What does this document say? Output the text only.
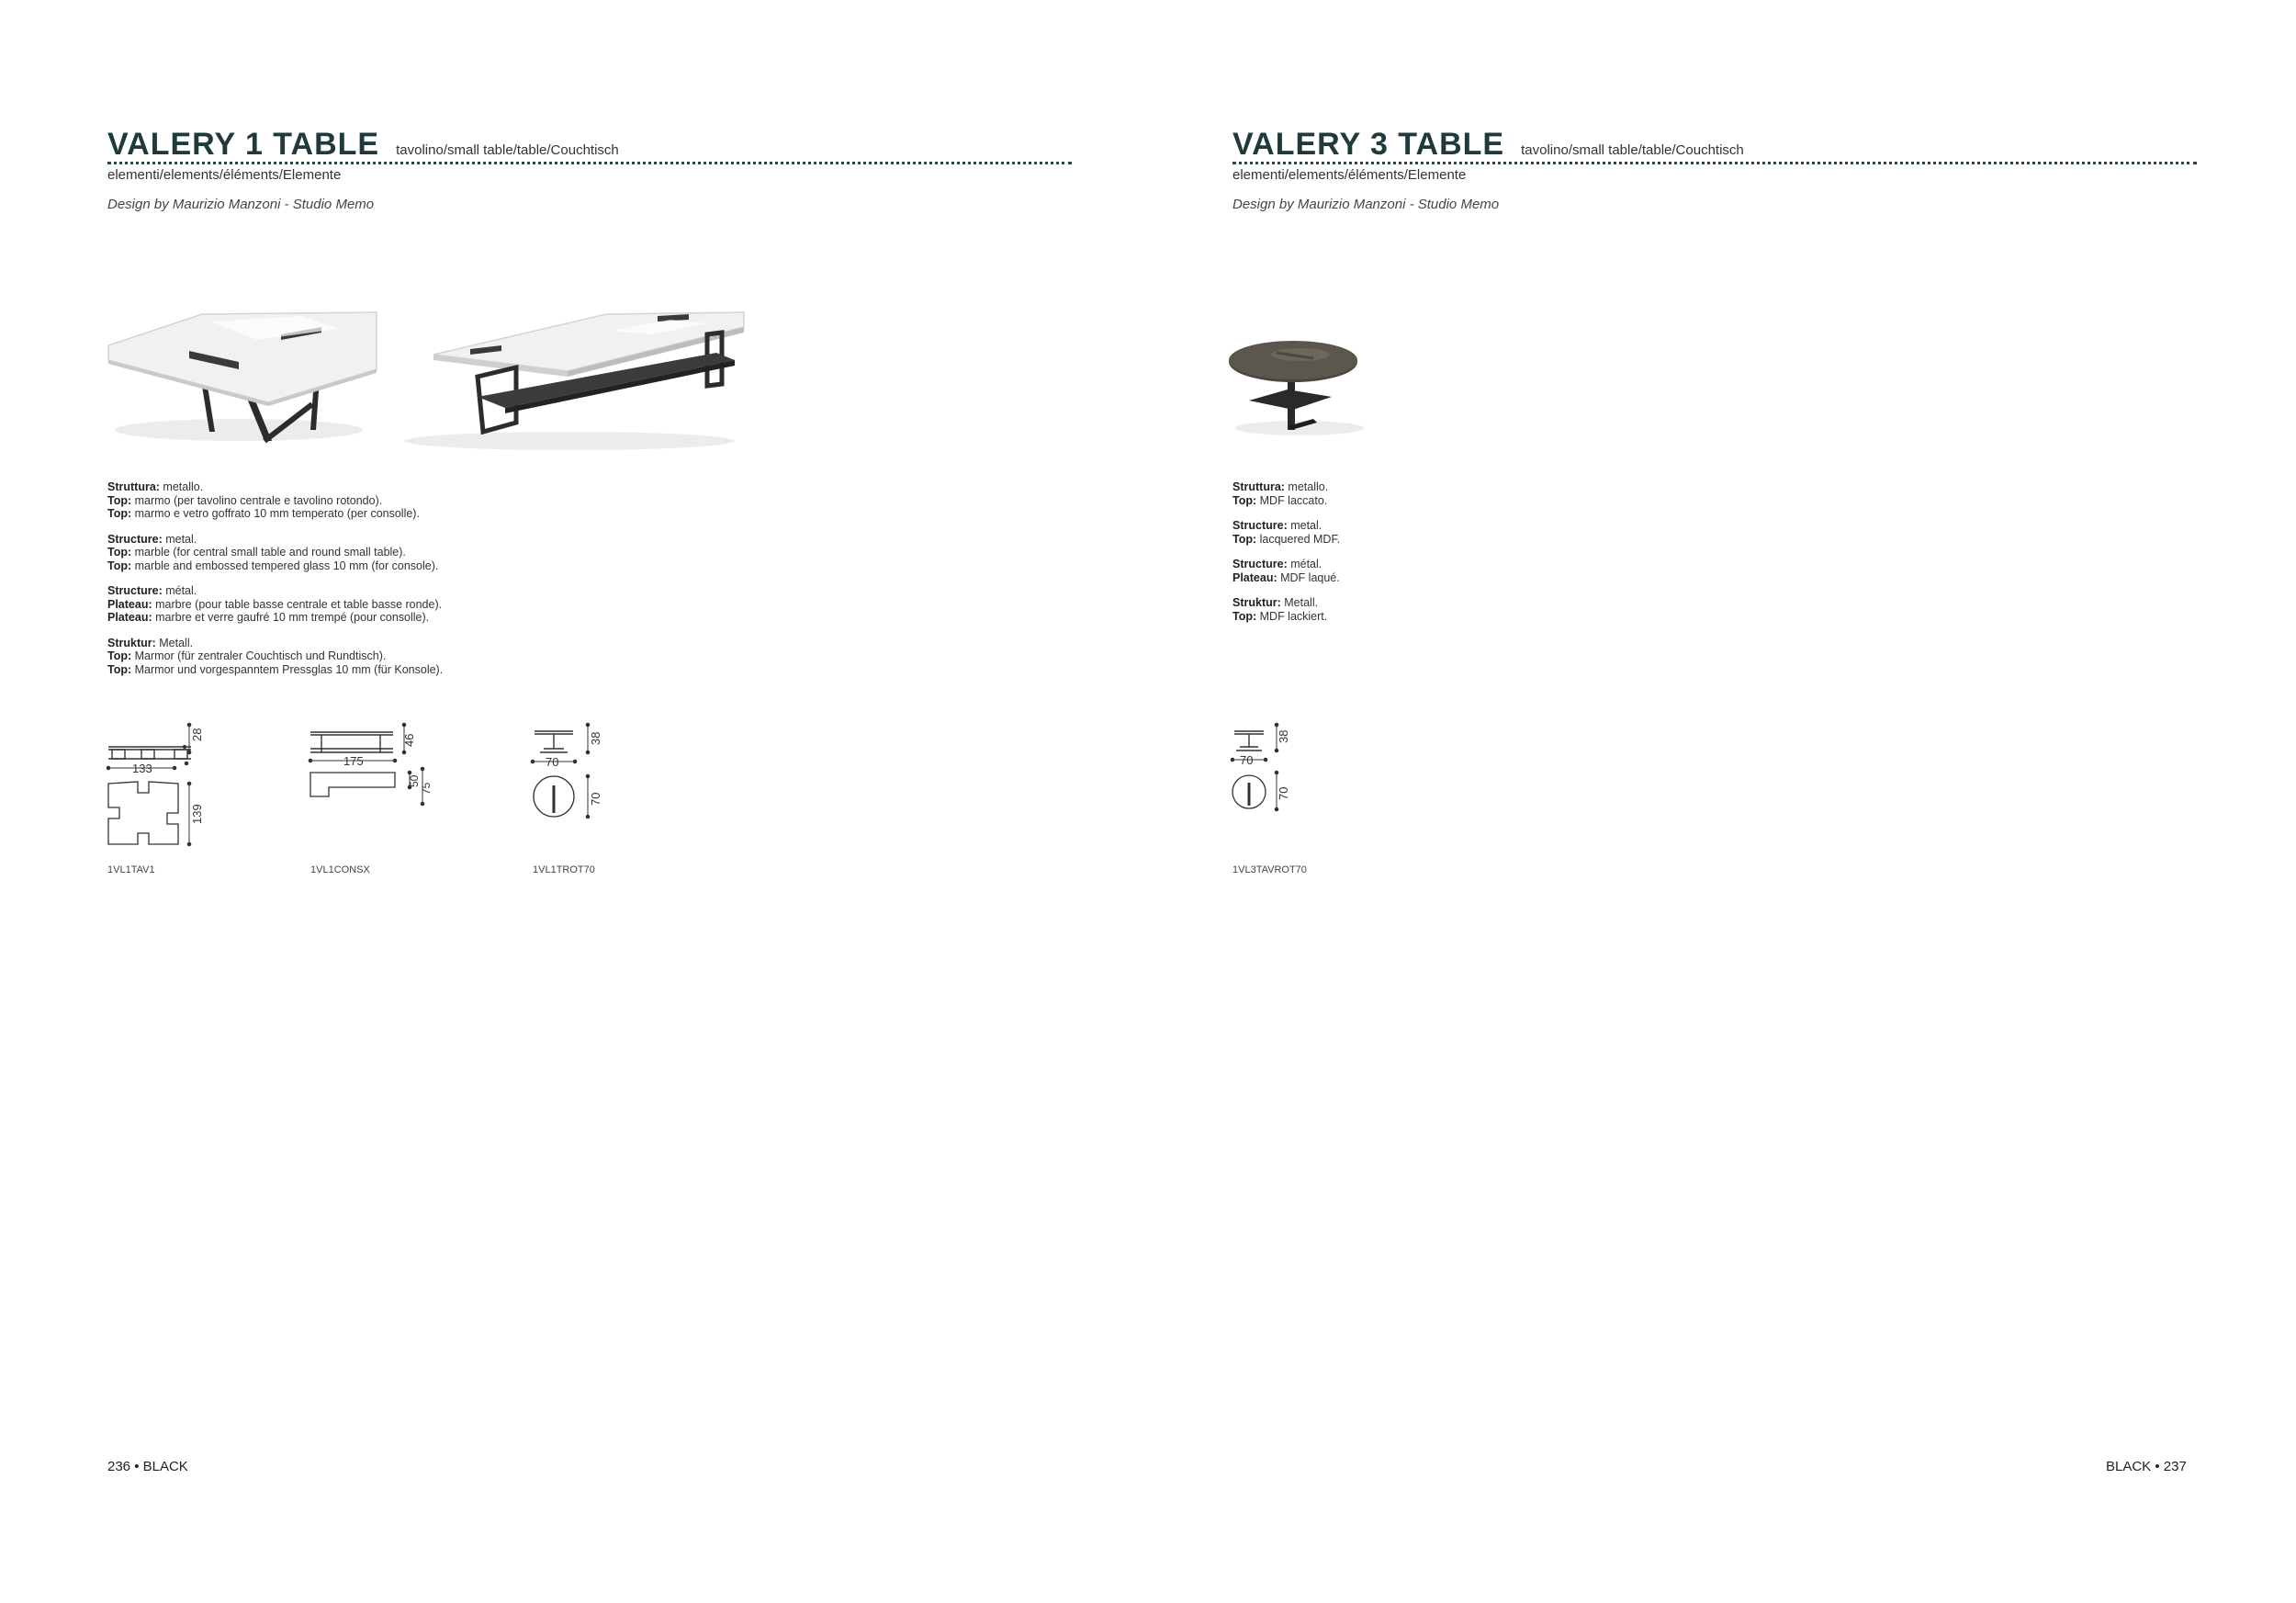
VALERY 1 TABLE tavolino/small table/table/Couchtisch
elementi/elements/éléments/Elemente
Design by Maurizio Manzoni - Studio Memo
Struttura: metallo.
Top: marmo (per tavolino centrale e tavolino rotondo).
Top: marmo e vetro goffrato 10 mm temperato (per consolle).
Structure: metal.
Top: marble (for central small table and round small table).
Top: marble and embossed tempered glass 10 mm (for console).
Structure: métal.
Plateau: marbre (pour table basse centrale et table basse ronde).
Plateau: marbre et verre gaufré 10 mm trempé (pour consolle).
Struktur: Metall.
Top: Marmor (für zentraler Couchtisch und Rundtisch).
Top: Marmor und vorgespanntem Pressglas 10 mm (für Konsole).
133
28
139
175
46
50
75
70
38
70
1VL1TAV1	1VL1CONSX	1VL1TROT70
236 • BLACK
VALERY 3 TABLE tavolino/small table/table/Couchtisch
elementi/elements/éléments/Elemente
Design by Maurizio Manzoni - Studio Memo
Struttura: metallo.
Top: MDF laccato.
Structure: metal.
Top: lacquered MDF.
Structure: métal.
Plateau: MDF laqué.
Struktur: Metall.
Top: MDF lackiert.
70
38
70
1VL3TAVROT70
BLACK • 237
